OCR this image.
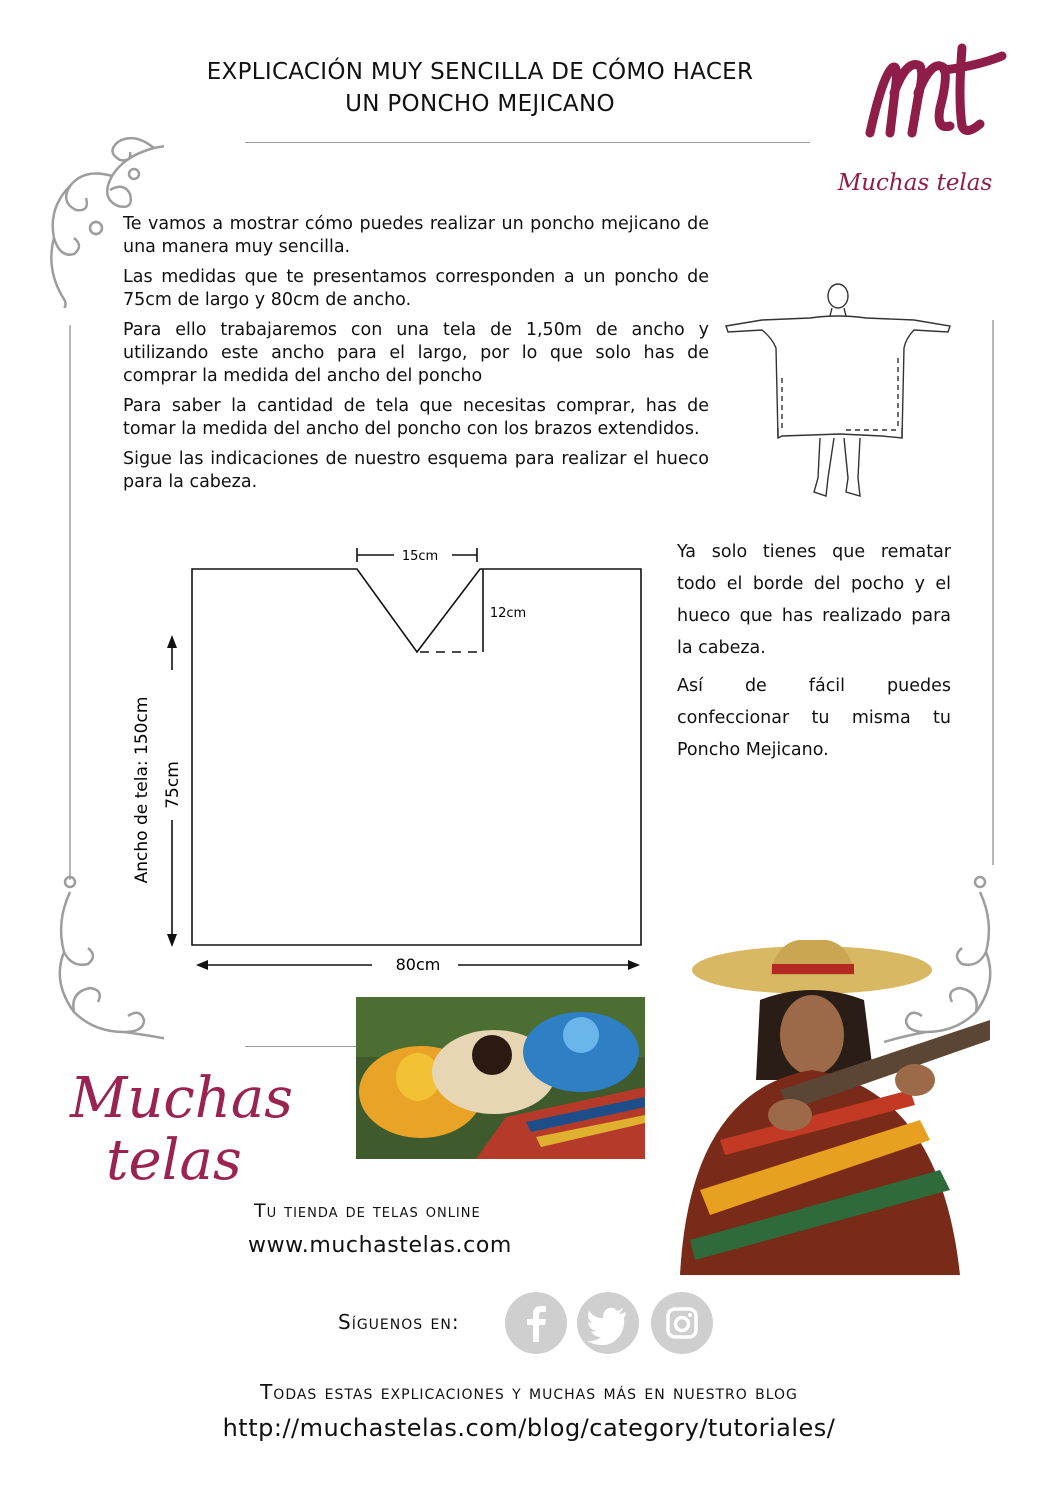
EXPLICACIÓN MUY SENCILLA DE CÓMO HACER
UN PONCHO MEJICANO
Muchas telas

Te vamos a mostrar cómo puedes realizar un poncho mejicano de una manera muy sencilla.

Las medidas que te presentamos corresponden a un poncho de 75cm de largo y 80cm de ancho.

Para ello trabajaremos con una tela de 1,50m de ancho y utilizando este ancho para el largo, por lo que solo has de comprar la medida del ancho del poncho

Para saber la cantidad de tela que necesitas comprar, has de tomar la medida del ancho del poncho con los brazos extendidos.

Sigue las indicaciones de nuestro esquema para realizar el hueco para la cabeza.

15cm
12cm
80cm
Ancho de tela: 150cm 75cm

Ya solo tienes que rematar todo el borde del pocho y el hueco que has realizado para la cabeza.

Así de fácil puedes confeccionar tu misma tu Poncho Mejicano.

Muchas
telas
Tu tienda de telas online
www.muchastelas.com
Síguenos en:
Todas estas explicaciones y muchas más en nuestro blog
http://muchastelas.com/blog/category/tutoriales/
